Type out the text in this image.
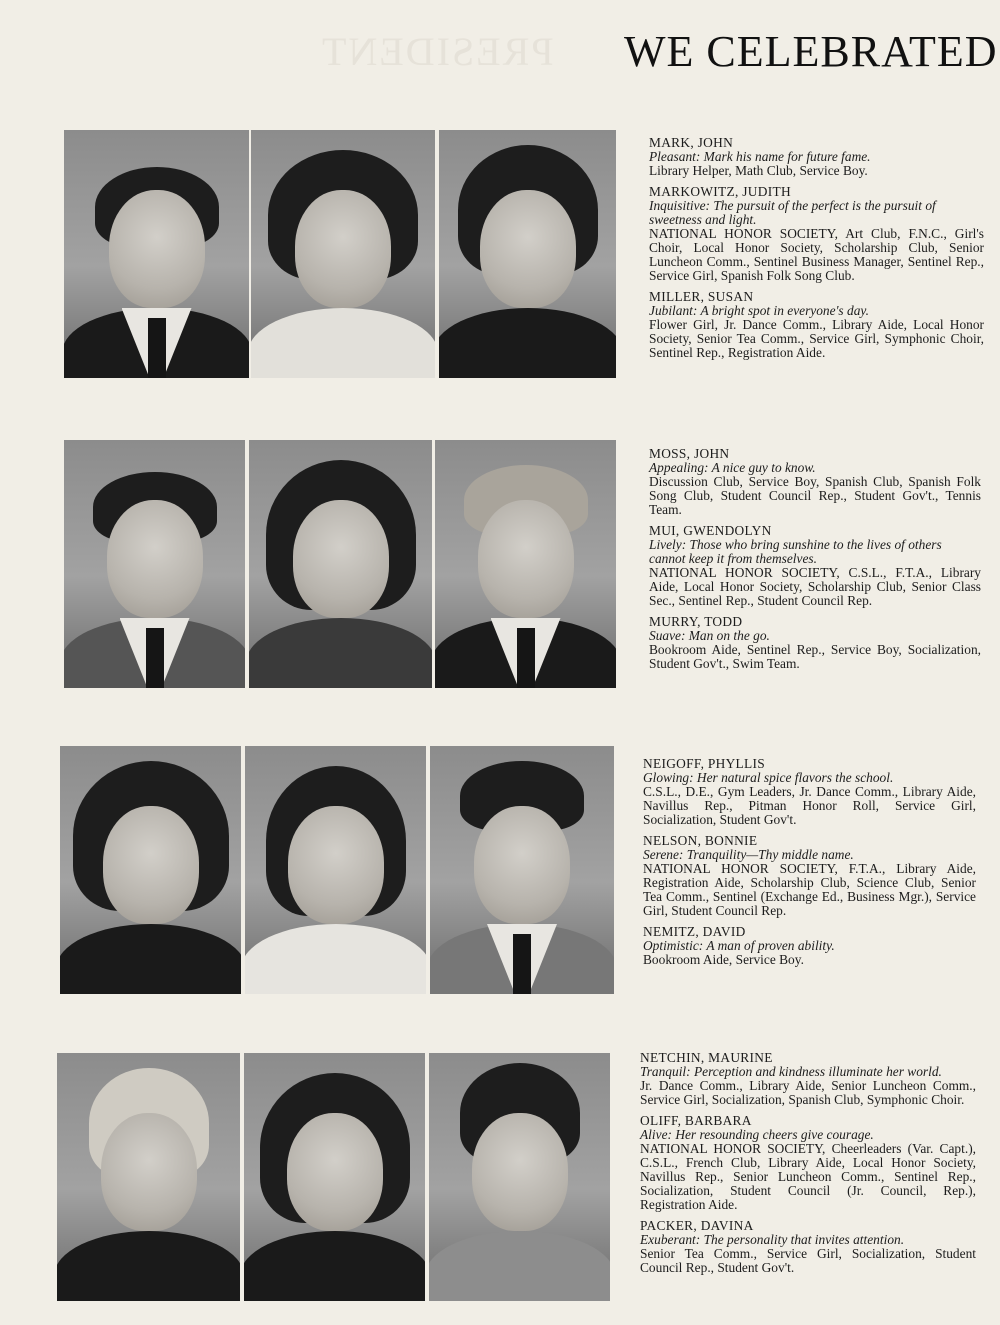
PRESIDENT WE CELEBRATED
MARK, JOHN
Pleasant: Mark his name for future fame.
Library Helper, Math Club, Service Boy.
MARKOWITZ, JUDITH
Inquisitive: The pursuit of the perfect is the pursuit of sweetness and light.
NATIONAL HONOR SOCIETY, Art Club, F.N.C., Girl's Choir, Local Honor Society, Scholarship Club, Senior Luncheon Comm., Sentinel Business Manager, Sentinel Rep., Service Girl, Spanish Folk Song Club.
MILLER, SUSAN
Jubilant: A bright spot in everyone's day.
Flower Girl, Jr. Dance Comm., Library Aide, Local Honor Society, Senior Tea Comm., Service Girl, Symphonic Choir, Sentinel Rep., Registration Aide.
MOSS, JOHN
Appealing: A nice guy to know.
Discussion Club, Service Boy, Spanish Club, Spanish Folk Song Club, Student Council Rep., Student Gov't., Tennis Team.
MUI, GWENDOLYN
Lively: Those who bring sunshine to the lives of others cannot keep it from themselves.
NATIONAL HONOR SOCIETY, C.S.L., F.T.A., Library Aide, Local Honor Society, Scholarship Club, Senior Class Sec., Sentinel Rep., Student Council Rep.
MURRY, TODD
Suave: Man on the go.
Bookroom Aide, Sentinel Rep., Service Boy, Socialization, Student Gov't., Swim Team.
NEIGOFF, PHYLLIS
Glowing: Her natural spice flavors the school.
C.S.L., D.E., Gym Leaders, Jr. Dance Comm., Library Aide, Navillus Rep., Pitman Honor Roll, Service Girl, Socialization, Student Gov't.
NELSON, BONNIE
Serene: Tranquility—Thy middle name.
NATIONAL HONOR SOCIETY, F.T.A., Library Aide, Registration Aide, Scholarship Club, Science Club, Senior Tea Comm., Sentinel (Exchange Ed., Business Mgr.), Service Girl, Student Council Rep.
NEMITZ, DAVID
Optimistic: A man of proven ability.
Bookroom Aide, Service Boy.
NETCHIN, MAURINE
Tranquil: Perception and kindness illuminate her world.
Jr. Dance Comm., Library Aide, Senior Luncheon Comm., Service Girl, Socialization, Spanish Club, Symphonic Choir.
OLIFF, BARBARA
Alive: Her resounding cheers give courage.
NATIONAL HONOR SOCIETY, Cheerleaders (Var. Capt.), C.S.L., French Club, Library Aide, Local Honor Society, Navillus Rep., Senior Luncheon Comm., Sentinel Rep., Socialization, Student Council (Jr. Council, Rep.), Registration Aide.
PACKER, DAVINA
Exuberant: The personality that invites attention.
Senior Tea Comm., Service Girl, Socialization, Student Council Rep., Student Gov't.
